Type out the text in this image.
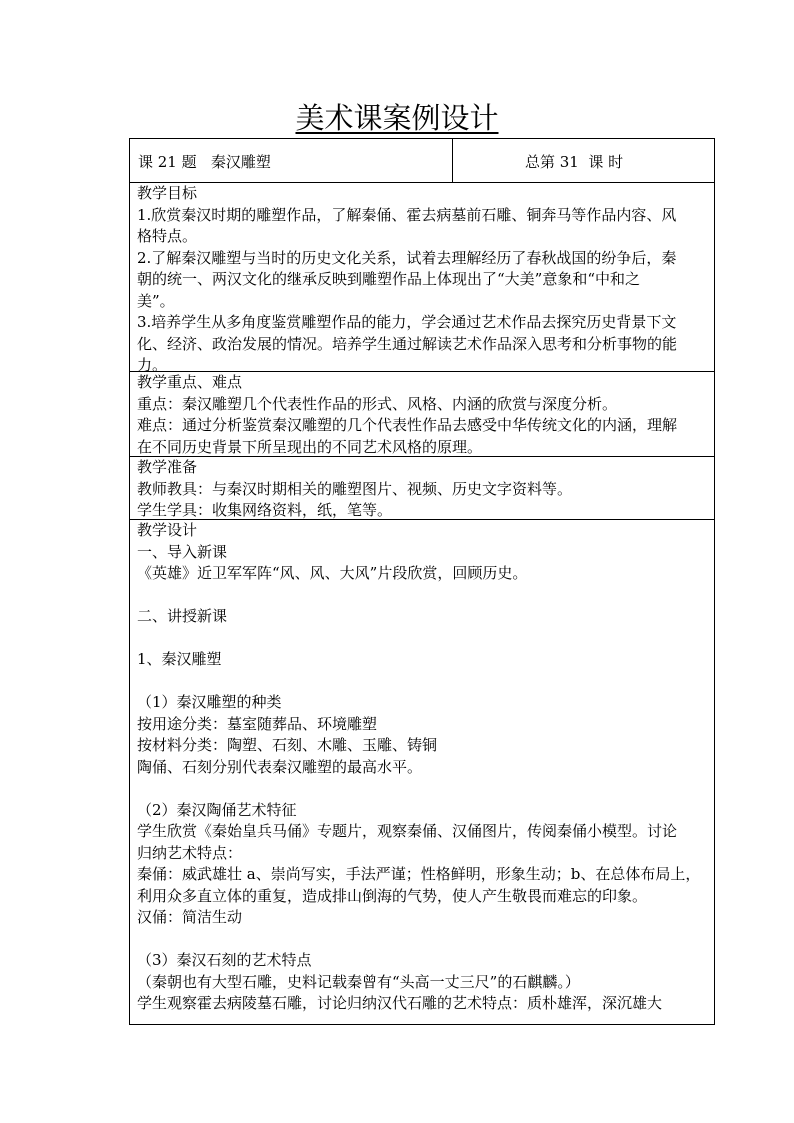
美术课案例设计
课 21 题   秦汉雕塑	总第 31  课 时
教学目标
1.欣赏秦汉时期的雕塑作品，了解秦俑、霍去病墓前石雕、铜奔马等作品内容、风
格特点。
2.了解秦汉雕塑与当时的历史文化关系，试着去理解经历了春秋战国的纷争后，秦
朝的统一、两汉文化的继承反映到雕塑作品上体现出了“大美”意象和“中和之
美”。
3.培养学生从多角度鉴赏雕塑作品的能力，学会通过艺术作品去探究历史背景下文
化、经济、政治发展的情况。培养学生通过解读艺术作品深入思考和分析事物的能
力。
教学重点、难点
重点：秦汉雕塑几个代表性作品的形式、风格、内涵的欣赏与深度分析。
难点：通过分析鉴赏秦汉雕塑的几个代表性作品去感受中华传统文化的内涵，理解
在不同历史背景下所呈现出的不同艺术风格的原理。
教学准备
教师教具：与秦汉时期相关的雕塑图片、视频、历史文字资料等。
学生学具：收集网络资料，纸，笔等。
教学设计
一、导入新课
《英雄》近卫军军阵“风、风、大风”片段欣赏，回顾历史。
二、讲授新课
1、秦汉雕塑
（1）秦汉雕塑的种类
按用途分类：墓室随葬品、环境雕塑
按材料分类：陶塑、石刻、木雕、玉雕、铸铜
陶俑、石刻分别代表秦汉雕塑的最高水平。
（2）秦汉陶俑艺术特征
学生欣赏《秦始皇兵马俑》专题片，观察秦俑、汉俑图片，传阅秦俑小模型。讨论
归纳艺术特点：
秦俑：威武雄壮 a、崇尚写实，手法严谨；性格鲜明，形象生动；b、在总体布局上，
利用众多直立体的重复，造成排山倒海的气势，使人产生敬畏而难忘的印象。
汉俑：简洁生动
（3）秦汉石刻的艺术特点
（秦朝也有大型石雕，史料记载秦曾有“头高一丈三尺”的石麒麟。）
学生观察霍去病陵墓石雕，讨论归纳汉代石雕的艺术特点：质朴雄浑，深沉雄大
